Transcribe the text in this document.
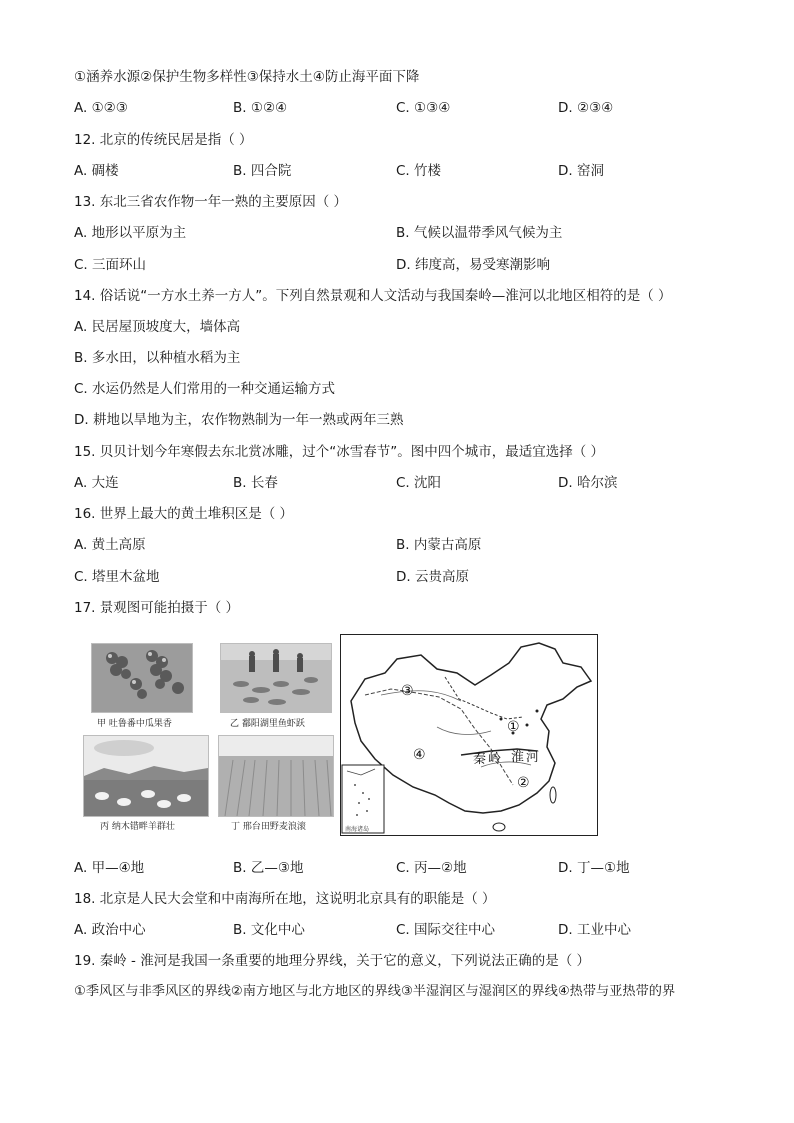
①涵养水源②保护生物多样性③保持水土④防止海平面下降
A. ①②③	B. ①②④	C. ①③④	D. ②③④
12. 北京的传统民居是指（ ）
A. 碉楼	B. 四合院	C. 竹楼	D. 窑洞
13. 东北三省农作物一年一熟的主要原因（ ）
A. 地形以平原为主	B. 气候以温带季风气候为主
C. 三面环山	D. 纬度高，易受寒潮影响
14. 俗话说“一方水土养一方人”。下列自然景观和人文活动与我国秦岭—淮河以北地区相符的是（ ）
A. 民居屋顶坡度大，墙体高
B. 多水田，以种植水稻为主
C. 水运仍然是人们常用的一种交通运输方式
D. 耕地以旱地为主，农作物熟制为一年一熟或两年三熟
15. 贝贝计划今年寒假去东北赏冰雕，过个“冰雪春节”。图中四个城市，最适宜选择（ ）
A. 大连	B. 长春	C. 沈阳	D. 哈尔滨
16. 世界上最大的黄土堆积区是（ ）
A. 黄土高原	B. 内蒙古高原
C. 塔里木盆地	D. 云贵高原
17. 景观图可能拍摄于（ ）
甲 吐鲁番中瓜果香	乙 鄱阳湖里鱼虾跃
丙 纳木错畔羊群壮	丁 邢台田野麦浪滚
③
①
④
②
秦岭 淮河
南海诸岛
A. 甲—④地	B. 乙—③地	C. 丙—②地	D. 丁—①地
18. 北京是人民大会堂和中南海所在地，这说明北京具有的职能是（ ）
A. 政治中心	B. 文化中心	C. 国际交往中心	D. 工业中心
19. 秦岭 - 淮河是我国一条重要的地理分界线，关于它的意义，下列说法正确的是（ ）
①季风区与非季风区的界线②南方地区与北方地区的界线③半湿润区与湿润区的界线④热带与亚热带的界
